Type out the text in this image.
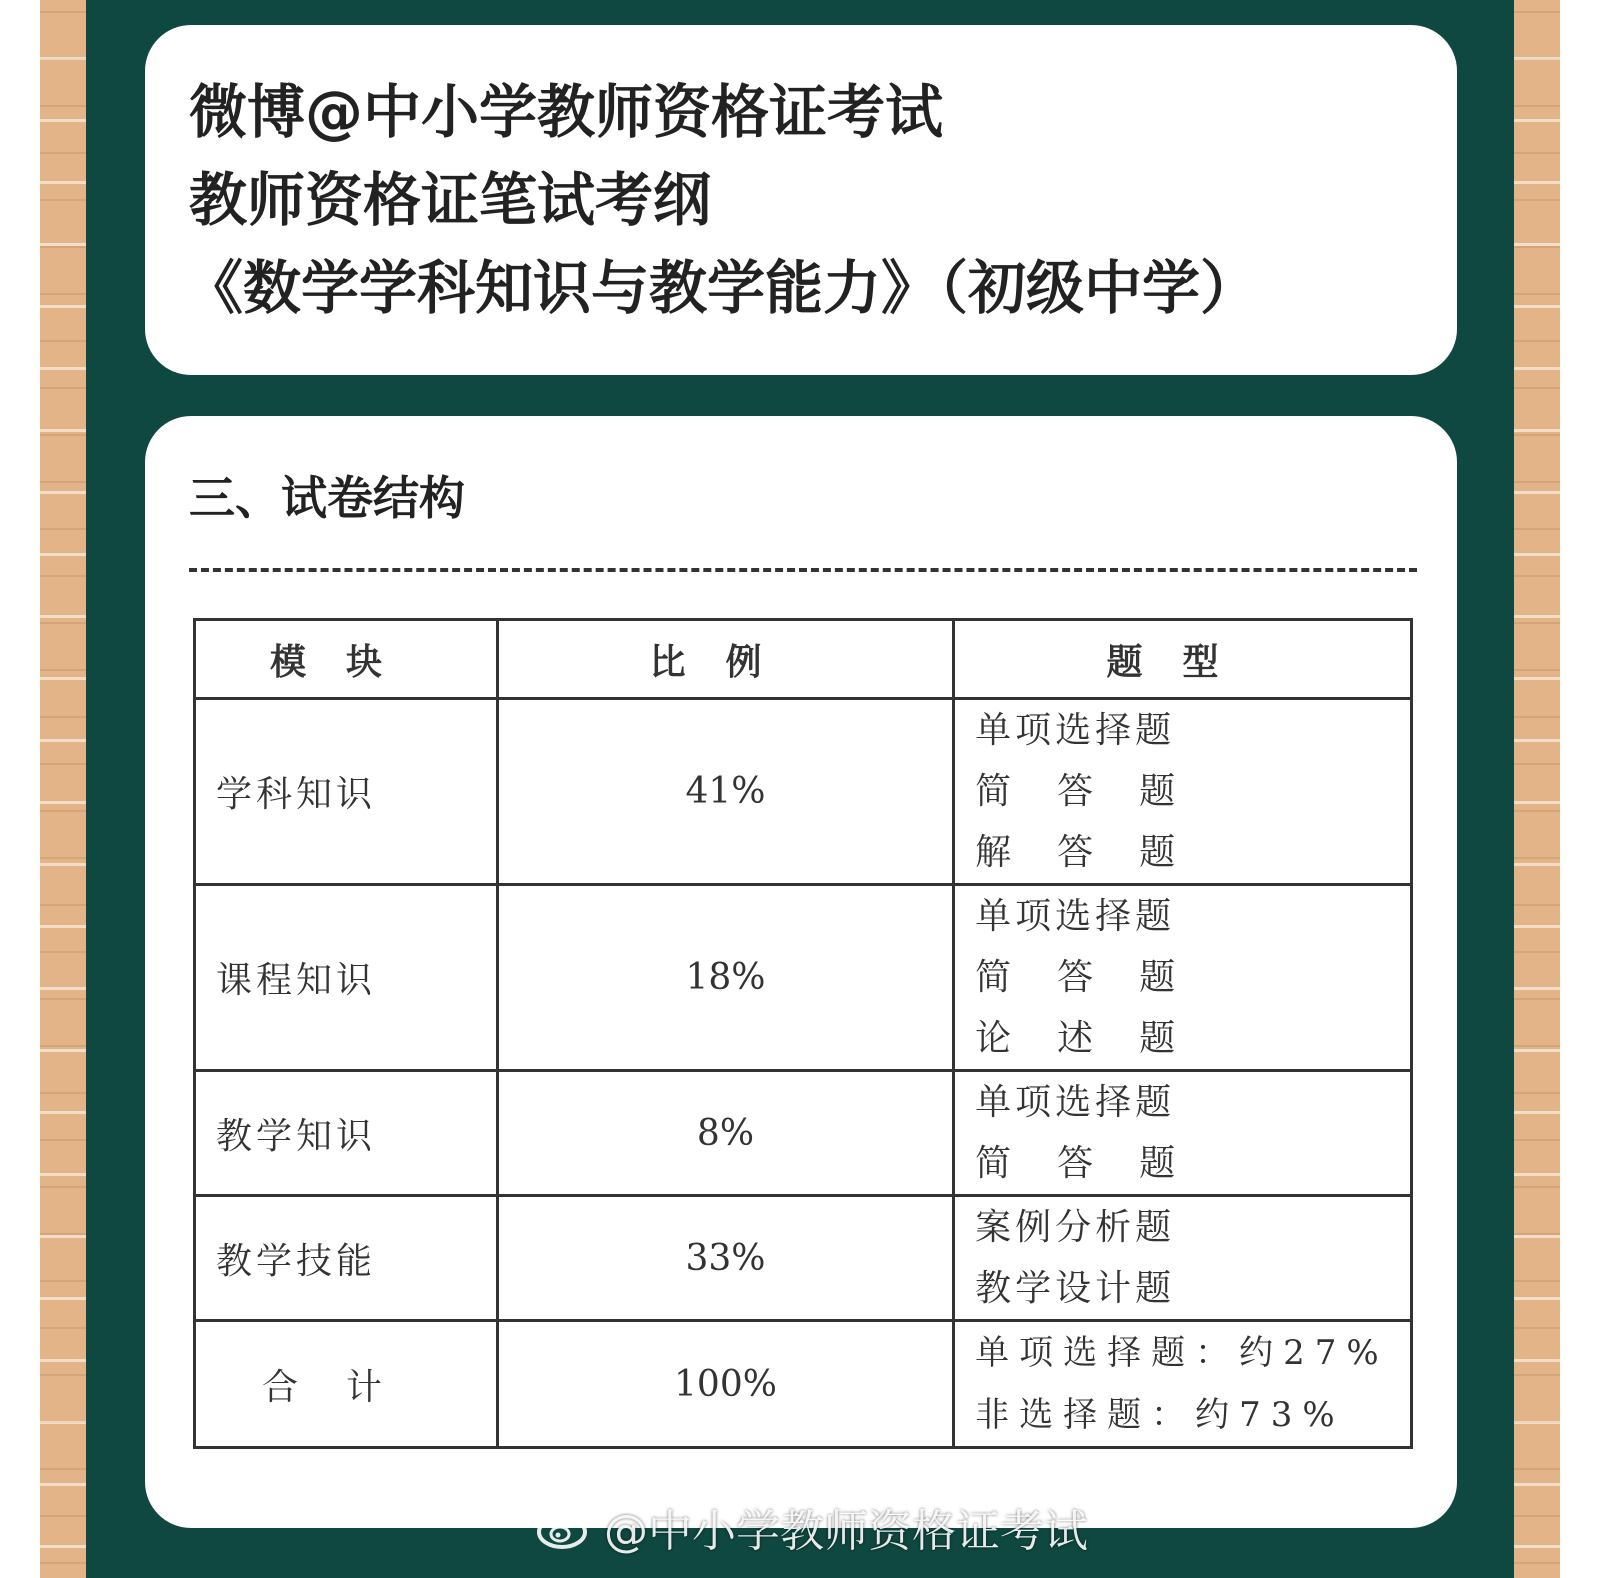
微博@中小学教师资格证考试
教师资格证笔试考纲
《数学学科知识与教学能力》（初级中学）
三、试卷结构
模块	比例	题型
学科知识	41%	单项选择题
简答题
解答题

课程知识	18%	单项选择题
简答题
论述题

教学知识	8%	单项选择题
简答题

教学技能	33%	案例分析题
教学设计题

合计	100%	单项选择题：约27%
非选择题：约73%
@中小学教师资格证考试
